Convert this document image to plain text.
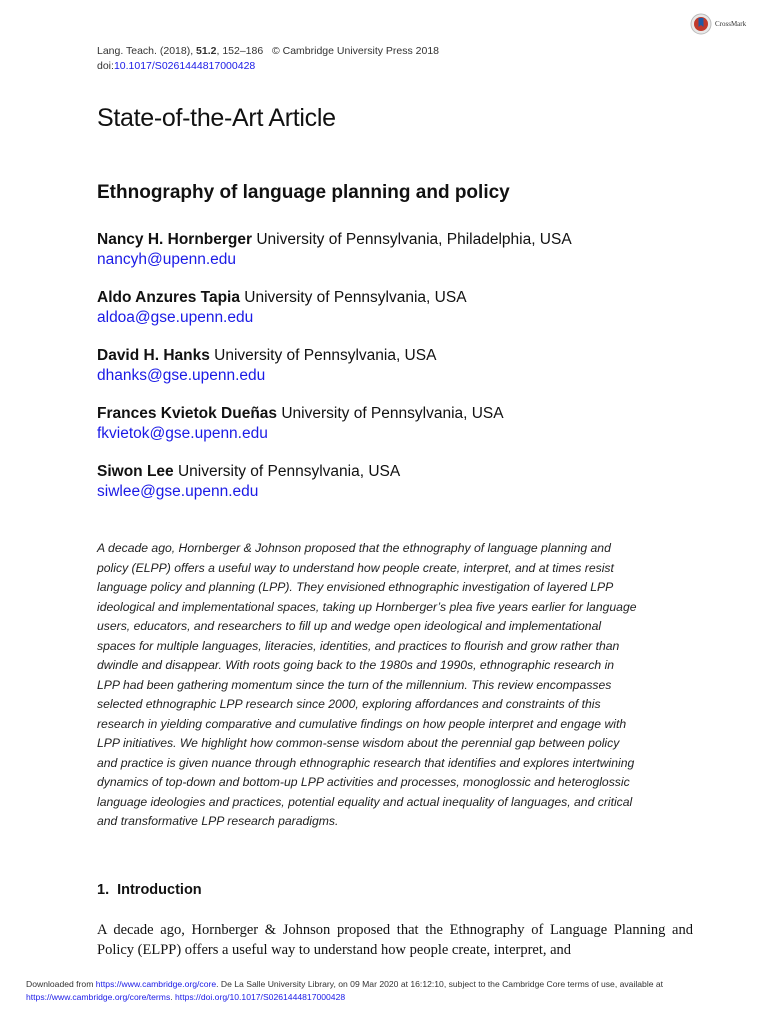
Lang. Teach. (2018), 51.2, 152–186 © Cambridge University Press 2018
doi:10.1017/S0261444817000428
CrossMark
State-of-the-Art Article
Ethnography of language planning and policy
Nancy H. Hornberger University of Pennsylvania, Philadelphia, USA
nancyh@upenn.edu
Aldo Anzures Tapia University of Pennsylvania, USA
aldoa@gse.upenn.edu
David H. Hanks University of Pennsylvania, USA
dhanks@gse.upenn.edu
Frances Kvietok Dueñas University of Pennsylvania, USA
fkvietok@gse.upenn.edu
Siwon Lee University of Pennsylvania, USA
siwlee@gse.upenn.edu
A decade ago, Hornberger & Johnson proposed that the ethnography of language planning and policy (ELPP) offers a useful way to understand how people create, interpret, and at times resist language policy and planning (LPP). They envisioned ethnographic investigation of layered LPP ideological and implementational spaces, taking up Hornberger’s plea five years earlier for language users, educators, and researchers to fill up and wedge open ideological and implementational spaces for multiple languages, literacies, identities, and practices to flourish and grow rather than dwindle and disappear. With roots going back to the 1980s and 1990s, ethnographic research in LPP had been gathering momentum since the turn of the millennium. This review encompasses selected ethnographic LPP research since 2000, exploring affordances and constraints of this research in yielding comparative and cumulative findings on how people interpret and engage with LPP initiatives. We highlight how common-sense wisdom about the perennial gap between policy and practice is given nuance through ethnographic research that identifies and explores intertwining dynamics of top-down and bottom-up LPP activities and processes, monoglossic and heteroglossic language ideologies and practices, potential equality and actual inequality of languages, and critical and transformative LPP research paradigms.
1. Introduction
A decade ago, Hornberger & Johnson proposed that the Ethnography of Language Planning and Policy (ELPP) offers a useful way to understand how people create, interpret, and
Downloaded from https://www.cambridge.org/core. De La Salle University Library, on 09 Mar 2020 at 16:12:10, subject to the Cambridge Core terms of use, available at https://www.cambridge.org/core/terms. https://doi.org/10.1017/S0261444817000428
